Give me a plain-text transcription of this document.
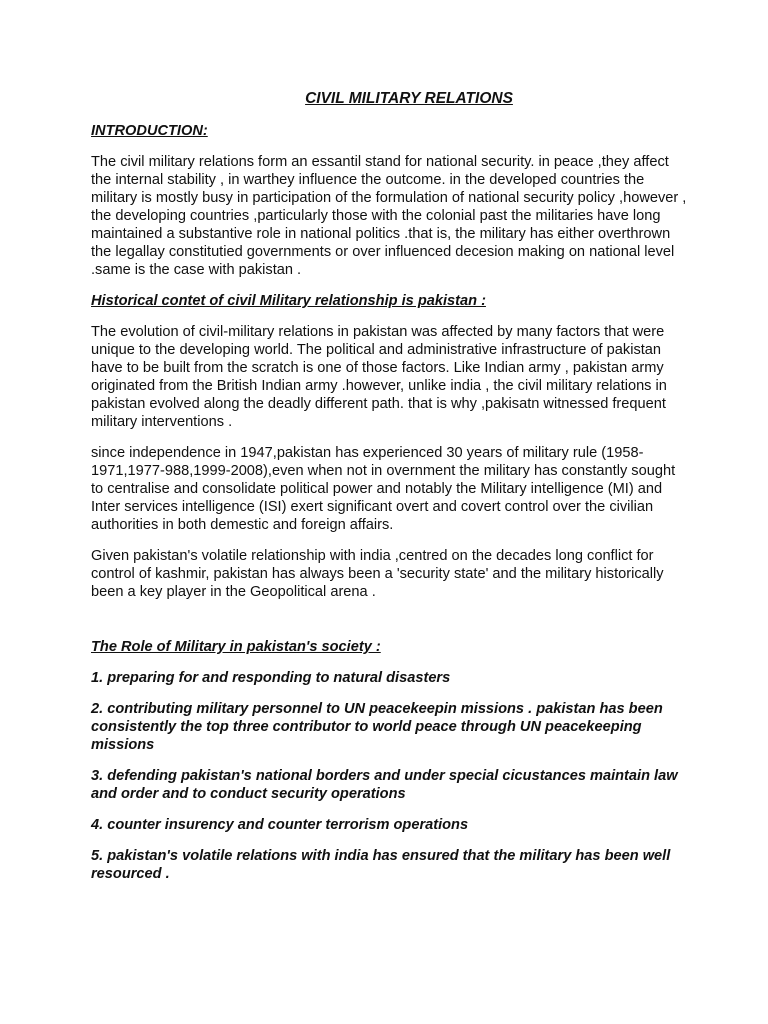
CIVIL MILITARY RELATIONS
INTRODUCTION:

The civil military relations form an essantil stand for national security. in peace ,they affect the internal stability , in warthey influence the outcome. in the developed countries the military is mostly busy in participation of the formulation of national security policy ,however , the developing countries ,particularly those with the colonial past the militaries have long maintained a substantive role in national politics .that is, the military has either overthrown the legallay constitutied governments or over influenced decesion making on national level .same is the case with pakistan .

Historical contet of civil Military relationship is pakistan :

The evolution of civil-military relations in pakistan was affected by many factors that were unique to the developing world. The political and administrative infrastructure of pakistan have to be built from the scratch is one of those factors. Like Indian army , pakistan army originated from the British Indian army .however, unlike india , the civil military relations in pakistan evolved along the deadly different path. that is why ,pakisatn witnessed frequent military interventions .

since independence in 1947,pakistan has experienced 30 years of military rule (1958-1971,1977-988,1999-2008),even when not in overnment the military has constantly sought to centralise and consolidate political power and notably the Military intelligence (MI) and Inter services intelligence (ISI) exert significant overt and covert control over the civilian authorities in both demestic and foreign affairs.

Given pakistan's volatile relationship with india ,centred on the decades long conflict for control of kashmir, pakistan has always been a 'security state' and the military historically been a key player in the Geopolitical arena .

The Role of Military in pakistan's society :
1. preparing for and responding to natural disasters
2. contributing military personnel to UN peacekeepin missions . pakistan has been consistently the top three contributor to world peace through UN peacekeeping missions
3. defending pakistan's national borders and under special cicustances maintain law and order and to conduct security operations
4. counter insurency and counter terrorism operations
5. pakistan's volatile relations with india has ensured that the military has been well resourced .
